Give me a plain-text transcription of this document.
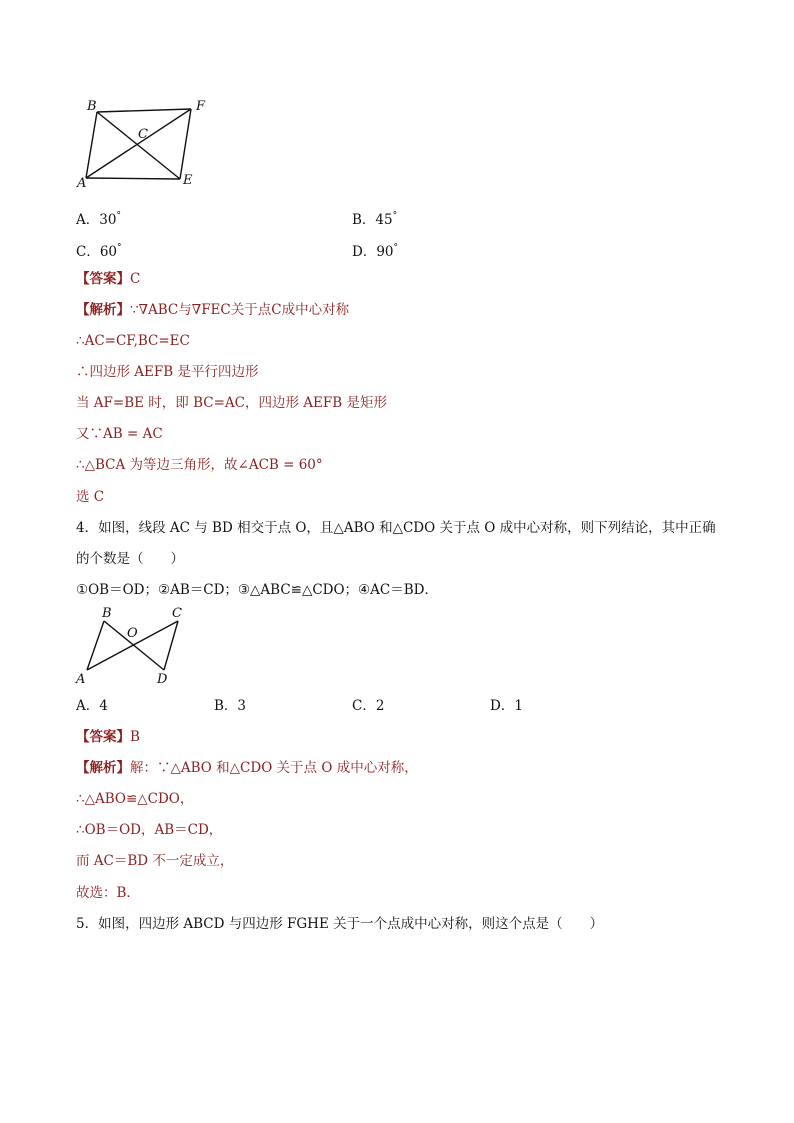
B	F
C
A	E
A．30°	B．45°
C．60°	D．90°
【答案】C
【解析】∵∇ABC与∇FEC关于点C成中心对称
∴AC=CF,BC=EC
∴四边形 AEFB 是平行四边形
当 AF=BE 时，即 BC=AC，四边形 AEFB 是矩形
又∵AB = AC
∴△BCA 为等边三角形，故∠ACB = 60°
选 C
4．如图，线段 AC 与 BD 相交于点 O，且△ABO 和△CDO 关于点 O 成中心对称，则下列结论，其中正确
的个数是（　　）
①OB＝OD；②AB＝CD；③△ABC≌△CDO；④AC＝BD．
B	C
O
A	D
A．4	B．3	C．2	D．1
【答案】B
【解析】解：∵△ABO 和△CDO 关于点 O 成中心对称，
∴△ABO≌△CDO，
∴OB＝OD，AB＝CD，
而 AC＝BD 不一定成立，
故选：B．
5．如图，四边形 ABCD 与四边形 FGHE 关于一个点成中心对称，则这个点是（　　）
